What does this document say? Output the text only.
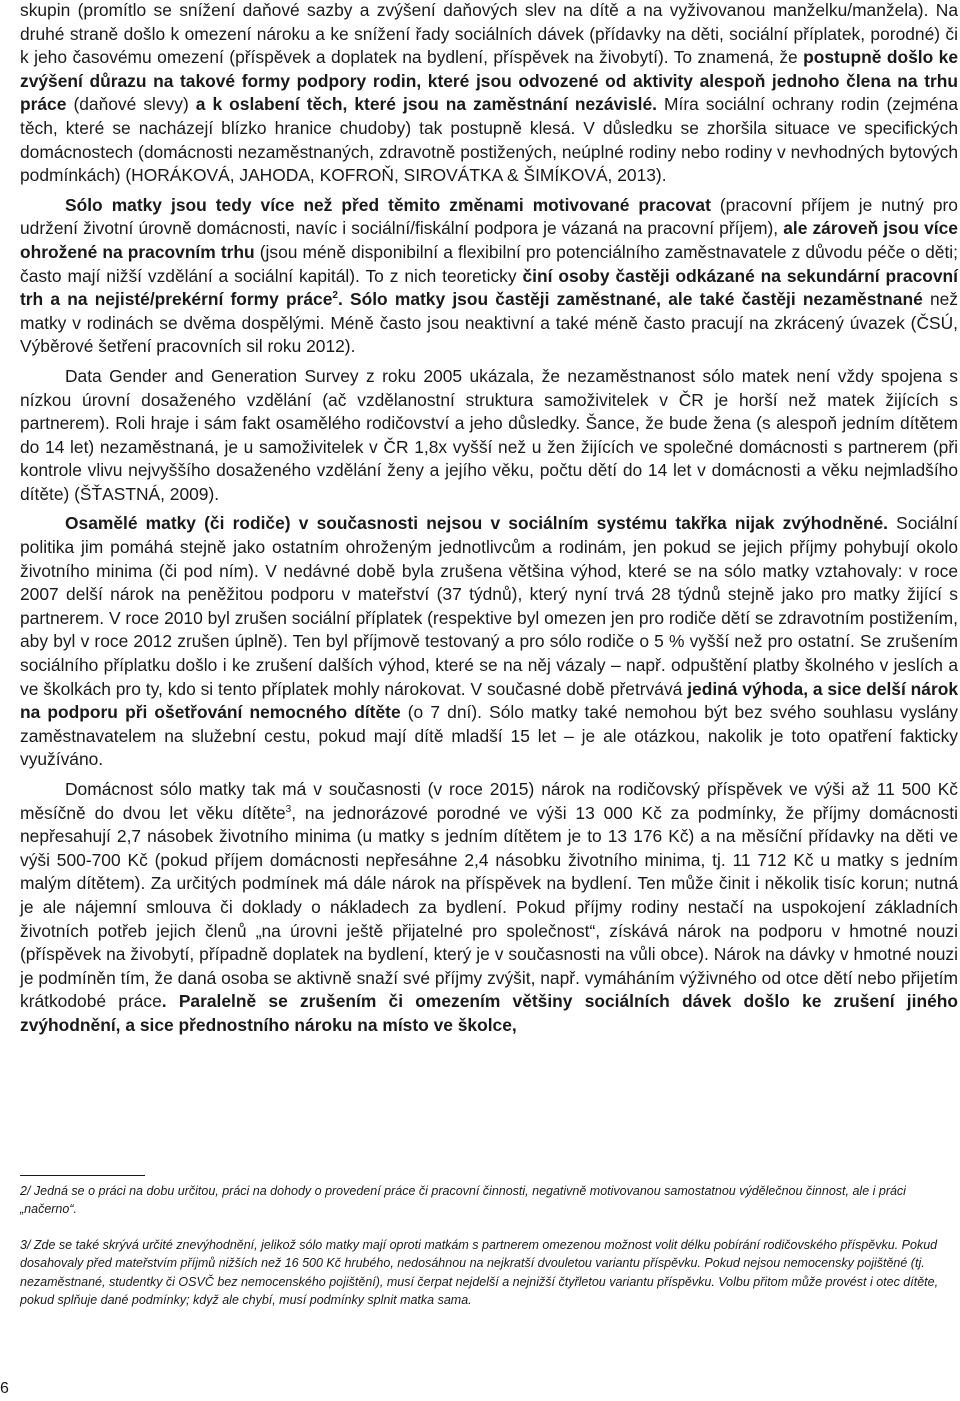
skupin (promítlo se snížení daňové sazby a zvýšení daňových slev na dítě a na vyživovanou manželku/manžela). Na druhé straně došlo k omezení nároku a ke snížení řady sociálních dávek (přídavky na děti, sociální příplatek, porodné) či k jeho časovému omezení (příspěvek a doplatek na bydlení, příspěvek na živobytí). To znamená, že postupně došlo ke zvýšení důrazu na takové formy podpory rodin, které jsou odvozené od aktivity alespoň jednoho člena na trhu práce (daňové slevy) a k oslabení těch, které jsou na zaměstnání nezávislé. Míra sociální ochrany rodin (zejména těch, které se nacházejí blízko hranice chudoby) tak postupně klesá. V důsledku se zhoršila situace ve specifických domácnostech (domácnosti nezaměstnaných, zdravotně postižených, neúplné rodiny nebo rodiny v nevhodných bytových podmínkách) (HORÁKOVÁ, JAHODA, KOFROŇ, SIROVÁTKA & ŠIMÍKOVÁ, 2013).

Sólo matky jsou tedy více než před těmito změnami motivované pracovat (pracovní příjem je nutný pro udržení životní úrovně domácnosti, navíc i sociální/fiskální podpora je vázaná na pracovní příjem), ale zároveň jsou více ohrožené na pracovním trhu (jsou méně disponibilní a flexibilní pro potenciálního zaměstnavatele z důvodu péče o děti; často mají nižší vzdělání a sociální kapitál). To z nich teoreticky činí osoby častěji odkázané na sekundární pracovní trh a na nejisté/prekérní formy práce$^2$. Sólo matky jsou častěji zaměstnané, ale také častěji nezaměstnané než matky v rodinách se dvěma dospělými. Méně často jsou neaktivní a také méně často pracují na zkrácený úvazek (ČSÚ, Výběrové šetření pracovních sil roku 2012).

Data Gender and Generation Survey z roku 2005 ukázala, že nezaměstnanost sólo matek není vždy spojena s nízkou úrovní dosaženého vzdělání (ač vzdělanostní struktura samoživitelek v ČR je horší než matek žijících s partnerem). Roli hraje i sám fakt osamělého rodičovství a jeho důsledky. Šance, že bude žena (s alespoň jedním dítětem do 14 let) nezaměstnaná, je u samoživitelek v ČR 1,8x vyšší než u žen žijících ve společné domácnosti s partnerem (při kontrole vlivu nejvyššího dosaženého vzdělání ženy a jejího věku, počtu dětí do 14 let v domácnosti a věku nejmladšího dítěte) (ŠŤASTNÁ, 2009).

Osamělé matky (či rodiče) v současnosti nejsou v sociálním systému takřka nijak zvýhodněné. Sociální politika jim pomáhá stejně jako ostatním ohroženým jednotlivcům a rodinám, jen pokud se jejich příjmy pohybují okolo životního minima (či pod ním). V nedávné době byla zrušena většina výhod, které se na sólo matky vztahovaly: v roce 2007 delší nárok na peněžitou podporu v mateřství (37 týdnů), který nyní trvá 28 týdnů stejně jako pro matky žijící s partnerem. V roce 2010 byl zrušen sociální příplatek (respektive byl omezen jen pro rodiče dětí se zdravotním postižením, aby byl v roce 2012 zrušen úplně). Ten byl příjmově testovaný a pro sólo rodiče o 5 % vyšší než pro ostatní. Se zrušením sociálního příplatku došlo i ke zrušení dalších výhod, které se na něj vázaly – např. odpuštění platby školného v jeslích a ve školkách pro ty, kdo si tento příplatek mohly nárokovat. V současné době přetrvává jediná výhoda, a sice delší nárok na podporu při ošetřování nemocného dítěte (o 7 dní). Sólo matky také nemohou být bez svého souhlasu vyslány zaměstnavatelem na služební cestu, pokud mají dítě mladší 15 let – je ale otázkou, nakolik je toto opatření fakticky využíváno.

Domácnost sólo matky tak má v současnosti (v roce 2015) nárok na rodičovský příspěvek ve výši až 11 500 Kč měsíčně do dvou let věku dítěte$^3$, na jednorázové porodné ve výši 13 000 Kč za podmínky, že příjmy domácnosti nepřesahují 2,7 násobek životního minima (u matky s jedním dítětem je to 13 176 Kč) a na měsíční přídavky na děti ve výši 500-700 Kč (pokud příjem domácnosti nepřesáhne 2,4 násobku životního minima, tj. 11 712 Kč u matky s jedním malým dítětem). Za určitých podmínek má dále nárok na příspěvek na bydlení. Ten může činit i několik tisíc korun; nutná je ale nájemní smlouva či doklady o nákladech za bydlení. Pokud příjmy rodiny nestačí na uspokojení základních životních potřeb jejich členů „na úrovni ještě přijatelné pro společnost“, získává nárok na podporu v hmotné nouzi (příspěvek na živobytí, případně doplatek na bydlení, který je v současnosti na vůli obce). Nárok na dávky v hmotné nouzi je podmíněn tím, že daná osoba se aktivně snaží své příjmy zvýšit, např. vymáháním výživného od otce dětí nebo přijetím krátkodobé práce. Paralelně se zrušením či omezením většiny sociálních dávek došlo ke zrušení jiného zvýhodnění, a sice přednostního nároku na místo ve školce,

2/ Jedná se o práci na dobu určitou, práci na dohody o provedení práce či pracovní činnosti, negativně motivovanou samostatnou výdělečnou činnost, ale i práci „načerno“.

3/ Zde se také skrývá určité znevýhodnění, jelikož sólo matky mají oproti matkám s partnerem omezenou možnost volit délku pobírání rodičovského příspěvku. Pokud dosahovaly před mateřstvím příjmů nižších než 16 500 Kč hrubého, nedosáhnou na nejkratší dvouletou variantu příspěvku. Pokud nejsou nemocensky pojištěné (tj. nezaměstnané, studentky či OSVČ bez nemocenského pojištění), musí čerpat nejdelší a nejnižší čtyřletou variantu příspěvku. Volbu přitom může provést i otec dítěte, pokud splňuje dané podmínky; když ale chybí, musí podmínky splnit matka sama.

6
